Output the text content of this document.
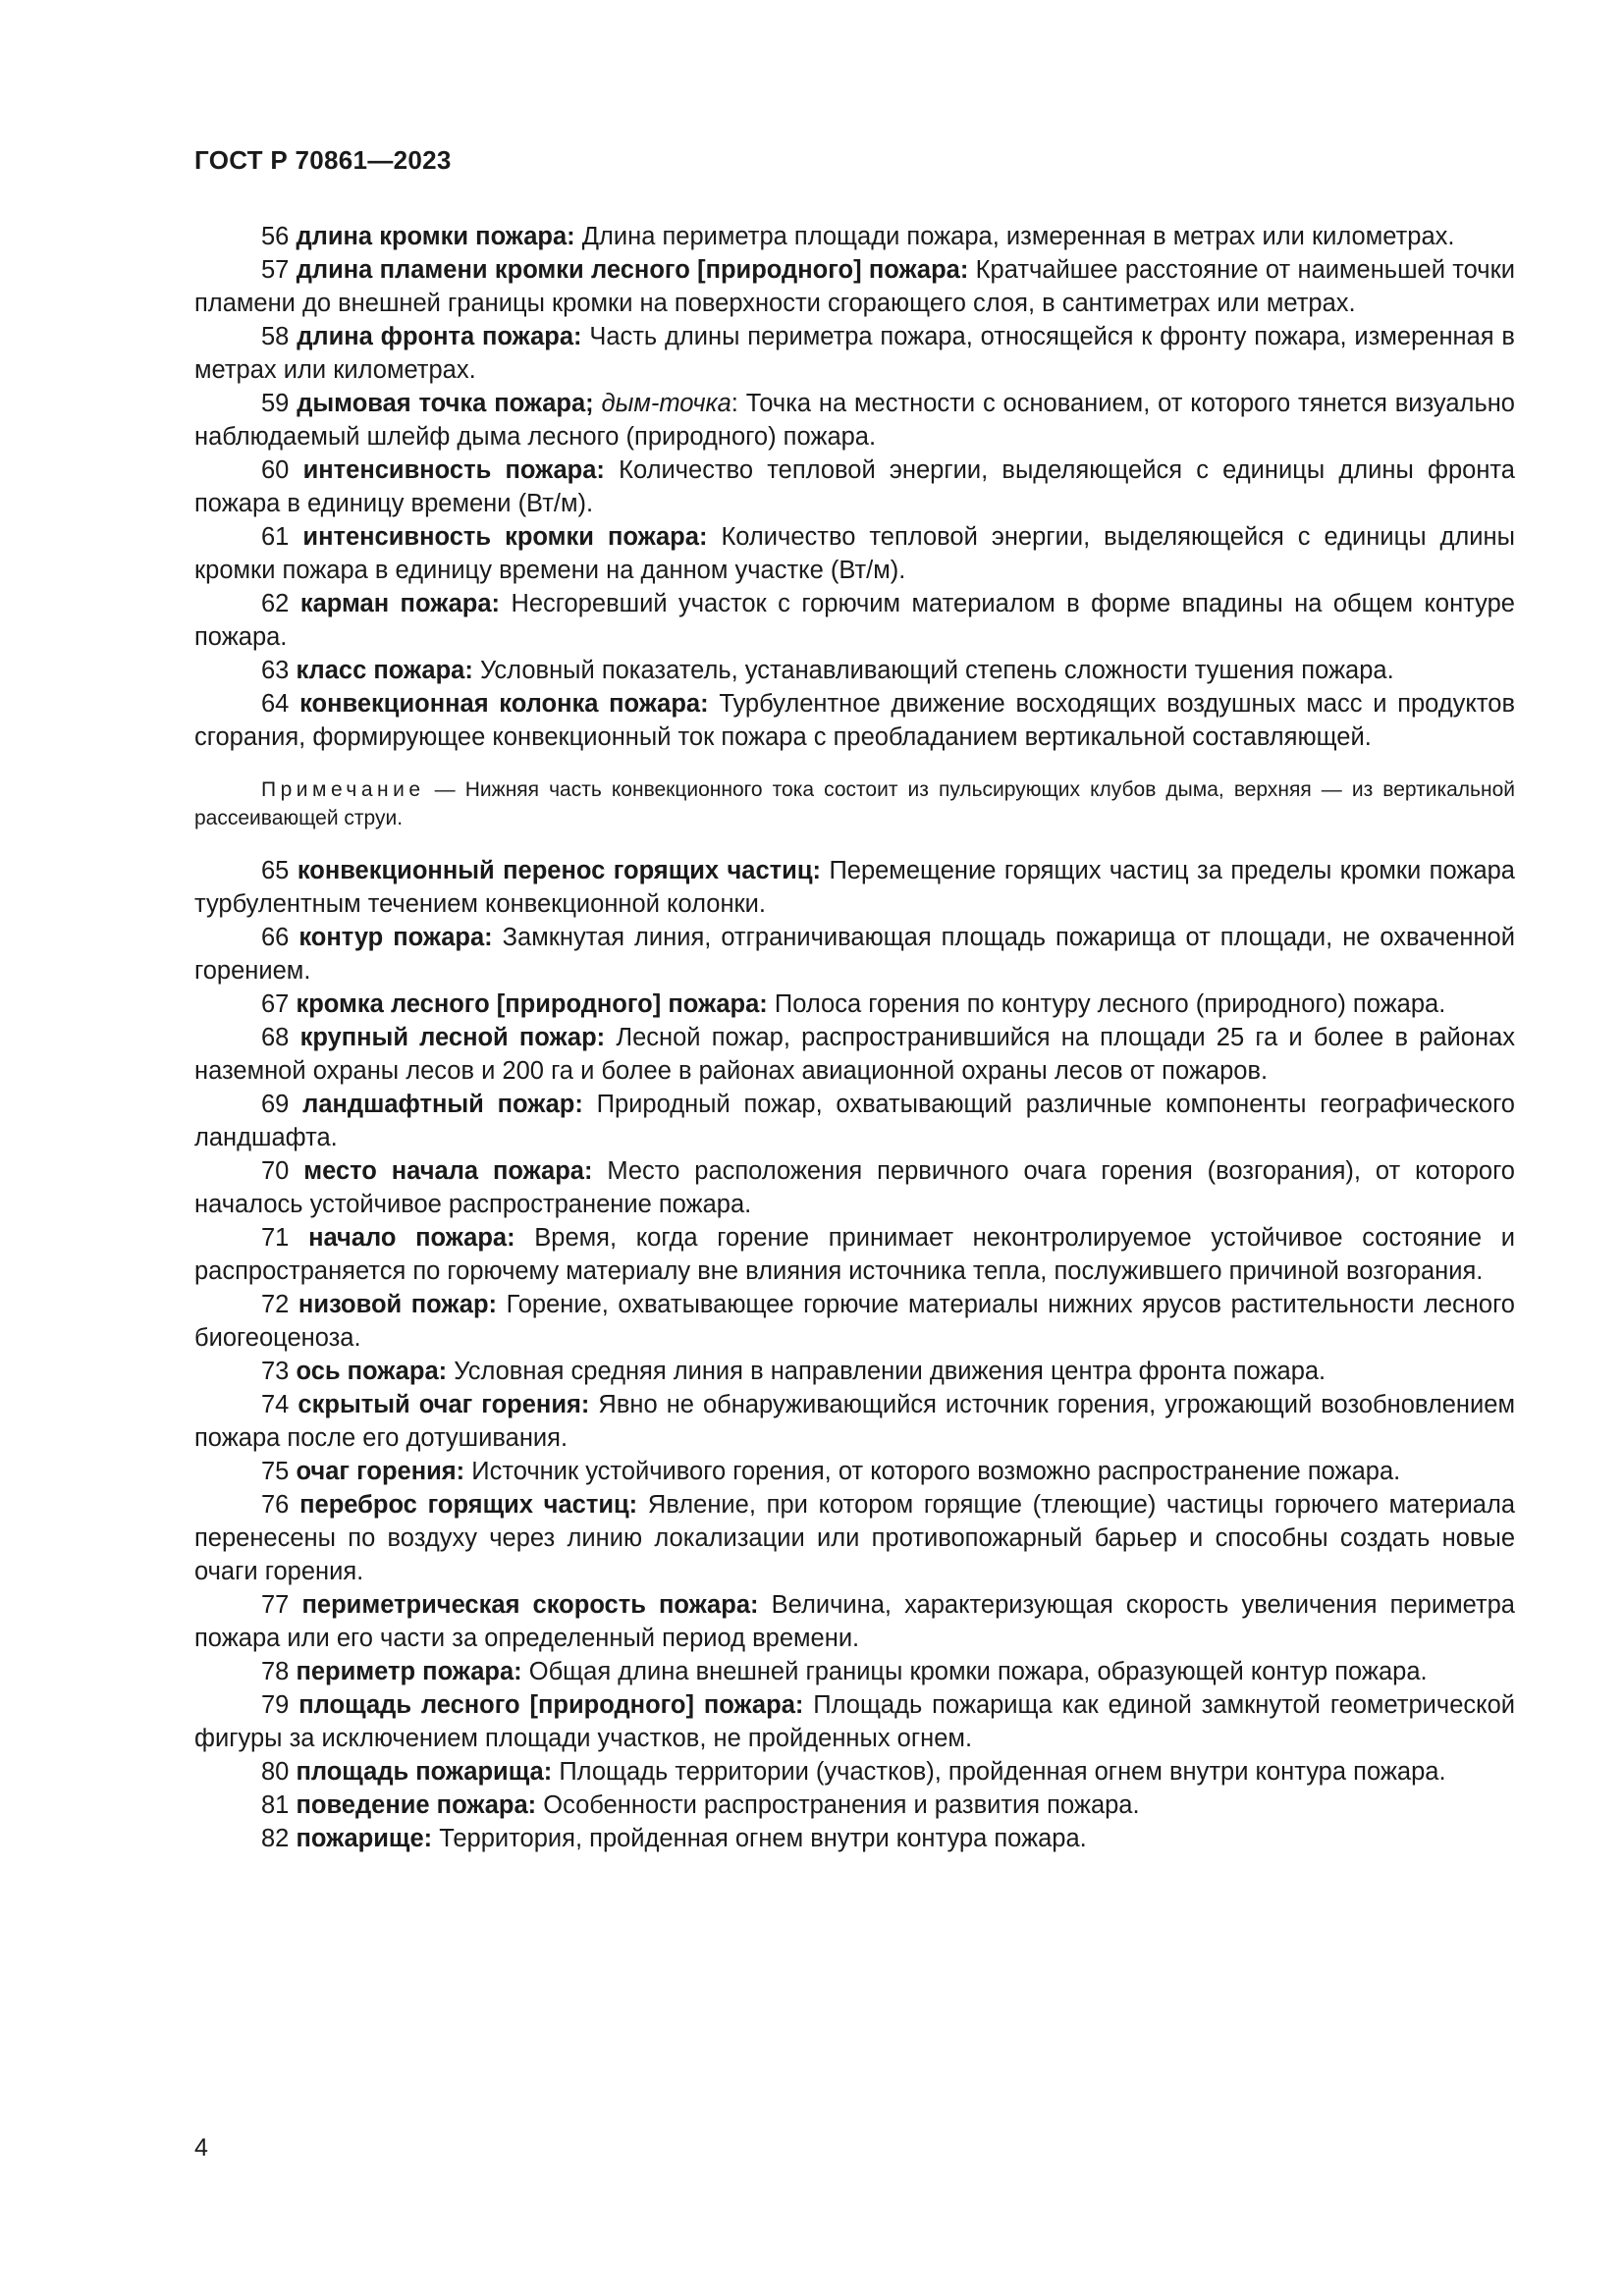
ГОСТ Р 70861—2023

56 длина кромки пожара: Длина периметра площади пожара, измеренная в метрах или километрах.

57 длина пламени кромки лесного [природного] пожара: Кратчайшее расстояние от наименьшей точки пламени до внешней границы кромки на поверхности сгорающего слоя, в сантиметрах или метрах.

58 длина фронта пожара: Часть длины периметра пожара, относящейся к фронту пожара, измеренная в метрах или километрах.

59 дымовая точка пожара; дым-точка: Точка на местности с основанием, от которого тянется визуально наблюдаемый шлейф дыма лесного (природного) пожара.

60 интенсивность пожара: Количество тепловой энергии, выделяющейся с единицы длины фронта пожара в единицу времени (Вт/м).

61 интенсивность кромки пожара: Количество тепловой энергии, выделяющейся с единицы длины кромки пожара в единицу времени на данном участке (Вт/м).

62 карман пожара: Несгоревший участок с горючим материалом в форме впадины на общем контуре пожара.

63 класс пожара: Условный показатель, устанавливающий степень сложности тушения пожара.

64 конвекционная колонка пожара: Турбулентное движение восходящих воздушных масс и продуктов сгорания, формирующее конвекционный ток пожара с преобладанием вертикальной составляющей.

Примечание — Нижняя часть конвекционного тока состоит из пульсирующих клубов дыма, верхняя — из вертикальной рассеивающей струи.

65 конвекционный перенос горящих частиц: Перемещение горящих частиц за пределы кромки пожара турбулентным течением конвекционной колонки.

66 контур пожара: Замкнутая линия, отграничивающая площадь пожарища от площади, не охваченной горением.

67 кромка лесного [природного] пожара: Полоса горения по контуру лесного (природного) пожара.

68 крупный лесной пожар: Лесной пожар, распространившийся на площади 25 га и более в районах наземной охраны лесов и 200 га и более в районах авиационной охраны лесов от пожаров.

69 ландшафтный пожар: Природный пожар, охватывающий различные компоненты географического ландшафта.

70 место начала пожара: Место расположения первичного очага горения (возгорания), от которого началось устойчивое распространение пожара.

71 начало пожара: Время, когда горение принимает неконтролируемое устойчивое состояние и распространяется по горючему материалу вне влияния источника тепла, послужившего причиной возгорания.

72 низовой пожар: Горение, охватывающее горючие материалы нижних ярусов растительности лесного биогеоценоза.

73 ось пожара: Условная средняя линия в направлении движения центра фронта пожара.

74 скрытый очаг горения: Явно не обнаруживающийся источник горения, угрожающий возобновлением пожара после его дотушивания.

75 очаг горения: Источник устойчивого горения, от которого возможно распространение пожара.

76 переброс горящих частиц: Явление, при котором горящие (тлеющие) частицы горючего материала перенесены по воздуху через линию локализации или противопожарный барьер и способны создать новые очаги горения.

77 периметрическая скорость пожара: Величина, характеризующая скорость увеличения периметра пожара или его части за определенный период времени.

78 периметр пожара: Общая длина внешней границы кромки пожара, образующей контур пожара.

79 площадь лесного [природного] пожара: Площадь пожарища как единой замкнутой геометрической фигуры за исключением площади участков, не пройденных огнем.

80 площадь пожарища: Площадь территории (участков), пройденная огнем внутри контура пожара.

81 поведение пожара: Особенности распространения и развития пожара.

82 пожарище: Территория, пройденная огнем внутри контура пожара.

4
